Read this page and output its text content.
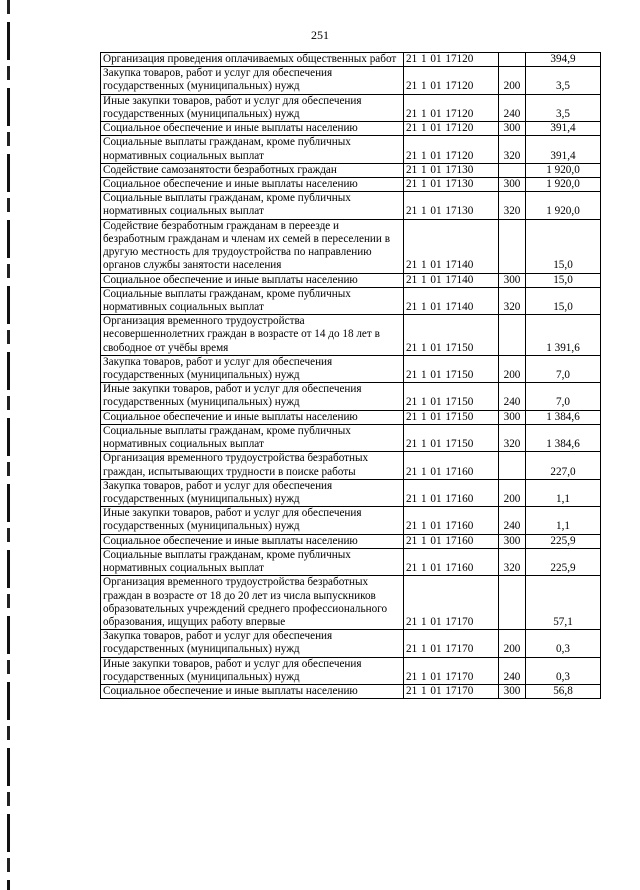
251
Организация проведения оплачиваемых общественных работ	21 1 01 17120		394,9
Закупка товаров, работ и услуг для обеспечения государственных (муниципальных) нужд	21 1 01 17120	200	3,5
Иные закупки товаров, работ и услуг для обеспечения государственных (муниципальных) нужд	21 1 01 17120	240	3,5
Социальное обеспечение и иные выплаты населению	21 1 01 17120	300	391,4
Социальные выплаты гражданам, кроме публичных нормативных социальных выплат	21 1 01 17120	320	391,4
Содействие самозанятости безработных граждан	21 1 01 17130		1 920,0
Социальное обеспечение и иные выплаты населению	21 1 01 17130	300	1 920,0
Социальные выплаты гражданам, кроме публичных нормативных социальных выплат	21 1 01 17130	320	1 920,0
Содействие безработным гражданам в переезде и безработным гражданам и членам их семей в переселении в другую местность для трудоустройства по направлению органов службы занятости населения	21 1 01 17140		15,0
Социальное обеспечение и иные выплаты населению	21 1 01 17140	300	15,0
Социальные выплаты гражданам, кроме публичных нормативных социальных выплат	21 1 01 17140	320	15,0
Организация временного трудоустройства несовершеннолетних граждан в возрасте от 14 до 18 лет в свободное от учёбы время	21 1 01 17150		1 391,6
Закупка товаров, работ и услуг для обеспечения государственных (муниципальных) нужд	21 1 01 17150	200	7,0
Иные закупки товаров, работ и услуг для обеспечения государственных (муниципальных) нужд	21 1 01 17150	240	7,0
Социальное обеспечение и иные выплаты населению	21 1 01 17150	300	1 384,6
Социальные выплаты гражданам, кроме публичных нормативных социальных выплат	21 1 01 17150	320	1 384,6
Организация временного трудоустройства безработных граждан, испытывающих трудности в поиске работы	21 1 01 17160		227,0
Закупка товаров, работ и услуг для обеспечения государственных (муниципальных) нужд	21 1 01 17160	200	1,1
Иные закупки товаров, работ и услуг для обеспечения государственных (муниципальных) нужд	21 1 01 17160	240	1,1
Социальное обеспечение и иные выплаты населению	21 1 01 17160	300	225,9
Социальные выплаты гражданам, кроме публичных нормативных социальных выплат	21 1 01 17160	320	225,9
Организация временного трудоустройства безработных граждан в возрасте от 18 до 20 лет из числа выпускников образовательных учреждений среднего профессионального образования, ищущих работу впервые	21 1 01 17170		57,1
Закупка товаров, работ и услуг для обеспечения государственных (муниципальных) нужд	21 1 01 17170	200	0,3
Иные закупки товаров, работ и услуг для обеспечения государственных (муниципальных) нужд	21 1 01 17170	240	0,3
Социальное обеспечение и иные выплаты населению	21 1 01 17170	300	56,8
